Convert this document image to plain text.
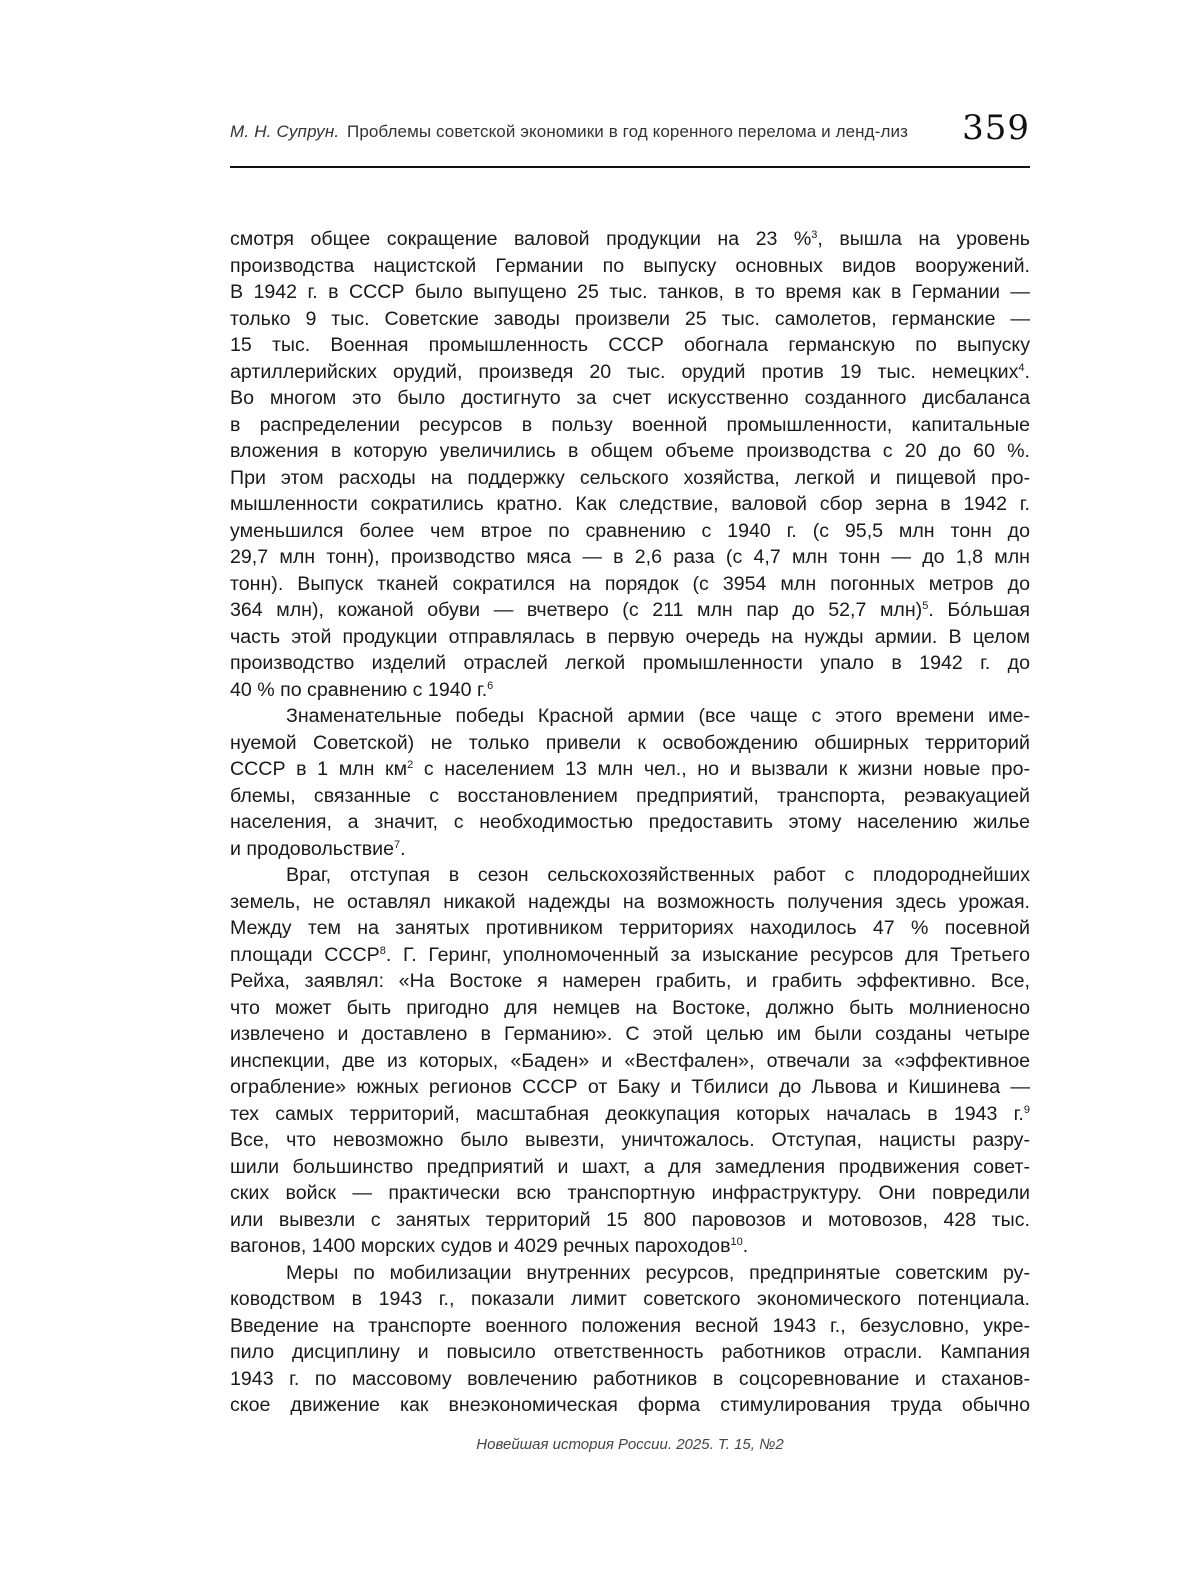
М. Н. Супрун. Проблемы советской экономики в год коренного перелома и ленд-лиз 359
смотря общее сокращение валовой продукции на 23 %$^3$, вышла на уровень
производства нацистской Германии по выпуску основных видов вооружений.
В 1942 г. в СССР было выпущено 25 тыс. танков, в то время как в Германии —
только 9 тыс. Советские заводы произвели 25 тыс. самолетов, германские —
15 тыс. Военная промышленность СССР обогнала германскую по выпуску
артиллерийских орудий, произведя 20 тыс. орудий против 19 тыс. немецких$^4$.
Во многом это было достигнуто за счет искусственно созданного дисбаланса
в распределении ресурсов в пользу военной промышленности, капитальные
вложения в которую увеличились в общем объеме производства с 20 до 60 %.
При этом расходы на поддержку сельского хозяйства, легкой и пищевой про-
мышленности сократились кратно. Как следствие, валовой сбор зерна в 1942 г.
уменьшился более чем втрое по сравнению с 1940 г. (с 95,5 млн тонн до
29,7 млн тонн), производство мяса — в 2,6 раза (с 4,7 млн тонн — до 1,8 млн
тонн). Выпуск тканей сократился на порядок (с 3954 млн погонных метров до
364 млн), кожаной обуви — вчетверо (с 211 млн пар до 52,7 млн)$^5$. Бóльшая
часть этой продукции отправлялась в первую очередь на нужды армии. В целом
производство изделий отраслей легкой промышленности упало в 1942 г. до
40 % по сравнению с 1940 г.$^6$
Знаменательные победы Красной армии (все чаще с этого времени име-
нуемой Советской) не только привели к освобождению обширных территорий
СССР в 1 млн $км^2$ с населением 13 млн чел., но и вызвали к жизни новые про-
блемы, связанные с восстановлением предприятий, транспорта, реэвакуацией
населения, а значит, с необходимостью предоставить этому населению жилье
и продовольствие$^7$.
Враг, отступая в сезон сельскохозяйственных работ с плодороднейших
земель, не оставлял никакой надежды на возможность получения здесь урожая.
Между тем на занятых противником территориях находилось 47 % посевной
площади СССР$^8$. Г. Геринг, уполномоченный за изыскание ресурсов для Третьего
Рейха, заявлял: «На Востоке я намерен грабить, и грабить эффективно. Все,
что может быть пригодно для немцев на Востоке, должно быть молниеносно
извлечено и доставлено в Германию». С этой целью им были созданы четыре
инспекции, две из которых, «Баден» и «Вестфален», отвечали за «эффективное
ограбление» южных регионов СССР от Баку и Тбилиси до Львова и Кишинева —
тех самых территорий, масштабная деоккупация которых началась в 1943 г.$^9$
Все, что невозможно было вывезти, уничтожалось. Отступая, нацисты разру-
шили большинство предприятий и шахт, а для замедления продвижения совет-
ских войск — практически всю транспортную инфраструктуру. Они повредили
или вывезли с занятых территорий 15 800 паровозов и мотовозов, 428 тыс.
вагонов, 1400 морских судов и 4029 речных пароходов$^{10}$.
Меры по мобилизации внутренних ресурсов, предпринятые советским ру-
ководством в 1943 г., показали лимит советского экономического потенциала.
Введение на транспорте военного положения весной 1943 г., безусловно, укре-
пило дисциплину и повысило ответственность работников отрасли. Кампания
1943 г. по массовому вовлечению работников в соцсоревнование и стаханов-
ское движение как внеэкономическая форма стимулирования труда обычно
Новейшая история России. 2025. Т. 15, №2
